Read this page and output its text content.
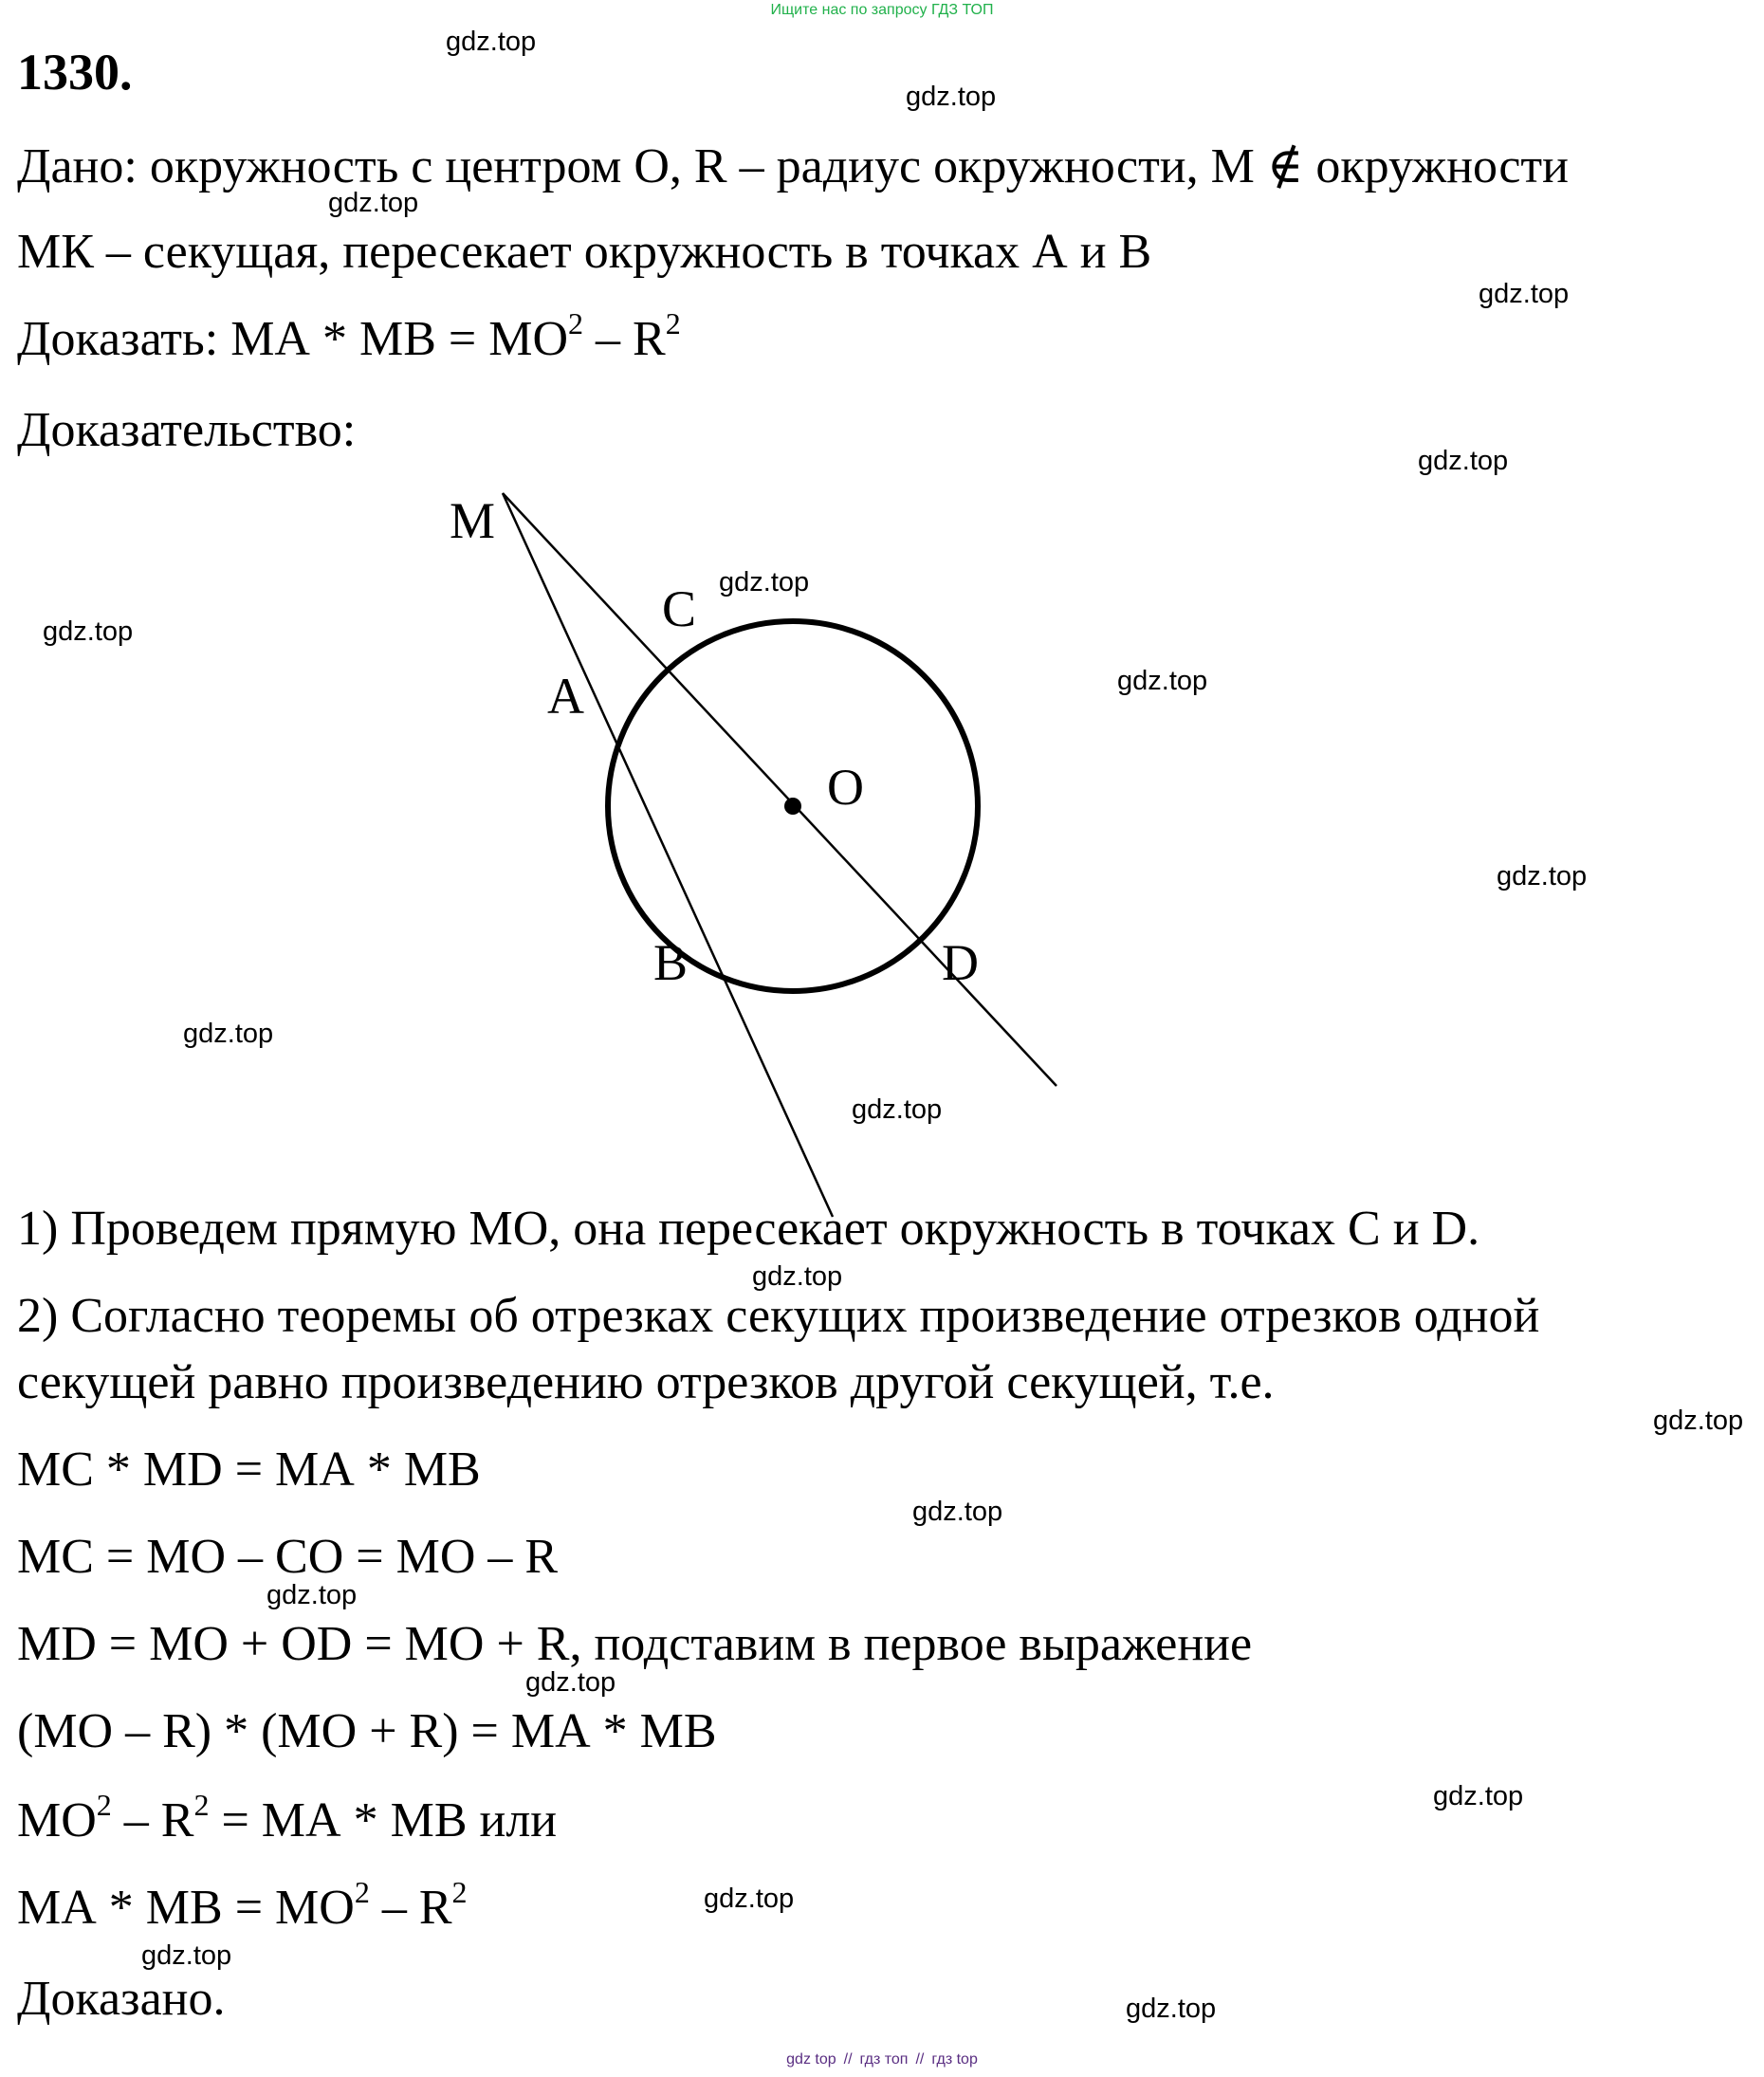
Ищите нас по запросу ГДЗ ТОП
1330.
Дано: окружность с центром О, R – радиус окружности, М ∉ окружности
МК – секущая, пересекает окружность в точках А и В
Доказать: МА * МВ = $МО^2 - R^2$
Доказательство:
M
C
A
O
B	D
1) Проведем прямую МО, она пересекает окружность в точках С и D.
2) Согласно теоремы об отрезках секущих произведение отрезков одной
секущей равно произведению отрезков другой секущей, т.е.
МС * MD = МА * МВ
МС = МО – СО = МО – R
MD = МО + OD = МО + R, подставим в первое выражение
(МО – R) * (МО + R) = МА * МВ
$МО^2 - R^2$ = МА * МВ или
МА * МВ = $МО^2 - R^2$
Доказано.
gdz.top
gdz.top
gdz.top
gdz.top
gdz.top
gdz.top
gdz.top
gdz.top
gdz.top
gdz.top
gdz.top
gdz.top
gdz.top
gdz.top
gdz.top
gdz.top
gdz.top
gdz.top
gdz.top
gdz.top
gdz top // гдз топ // гдз top
